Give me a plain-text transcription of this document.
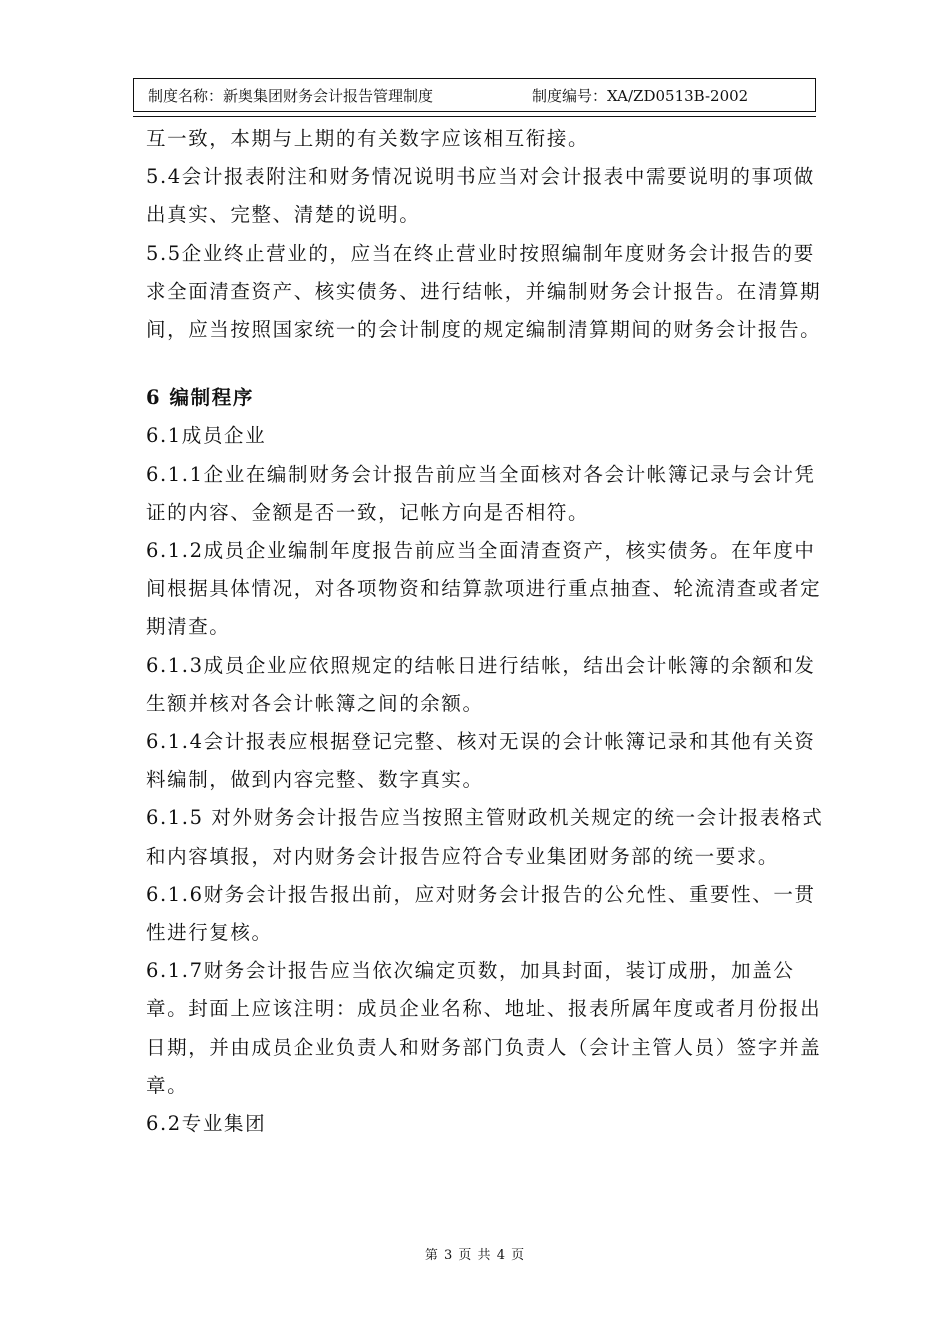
制度名称：新奥集团财务会计报告管理制度	制度编号：XA/ZD0513B-2002

互一致，本期与上期的有关数字应该相互衔接。

5.4会计报表附注和财务情况说明书应当对会计报表中需要说明的事项做出真实、完整、清楚的说明。

5.5企业终止营业的，应当在终止营业时按照编制年度财务会计报告的要求全面清查资产、核实债务、进行结帐，并编制财务会计报告。在清算期间，应当按照国家统一的会计制度的规定编制清算期间的财务会计报告。

6 编制程序

6.1成员企业

6.1.1企业在编制财务会计报告前应当全面核对各会计帐簿记录与会计凭证的内容、金额是否一致，记帐方向是否相符。

6.1.2成员企业编制年度报告前应当全面清查资产，核实债务。在年度中间根据具体情况，对各项物资和结算款项进行重点抽查、轮流清查或者定期清查。

6.1.3成员企业应依照规定的结帐日进行结帐，结出会计帐簿的余额和发生额并核对各会计帐簿之间的余额。

6.1.4会计报表应根据登记完整、核对无误的会计帐簿记录和其他有关资料编制，做到内容完整、数字真实。

6.1.5 对外财务会计报告应当按照主管财政机关规定的统一会计报表格式和内容填报，对内财务会计报告应符合专业集团财务部的统一要求。

6.1.6财务会计报告报出前，应对财务会计报告的公允性、重要性、一贯性进行复核。

6.1.7财务会计报告应当依次编定页数，加具封面，装订成册，加盖公章。封面上应该注明：成员企业名称、地址、报表所属年度或者月份报出日期，并由成员企业负责人和财务部门负责人（会计主管人员）签字并盖章。

6.2专业集团

第 3 页 共 4 页
